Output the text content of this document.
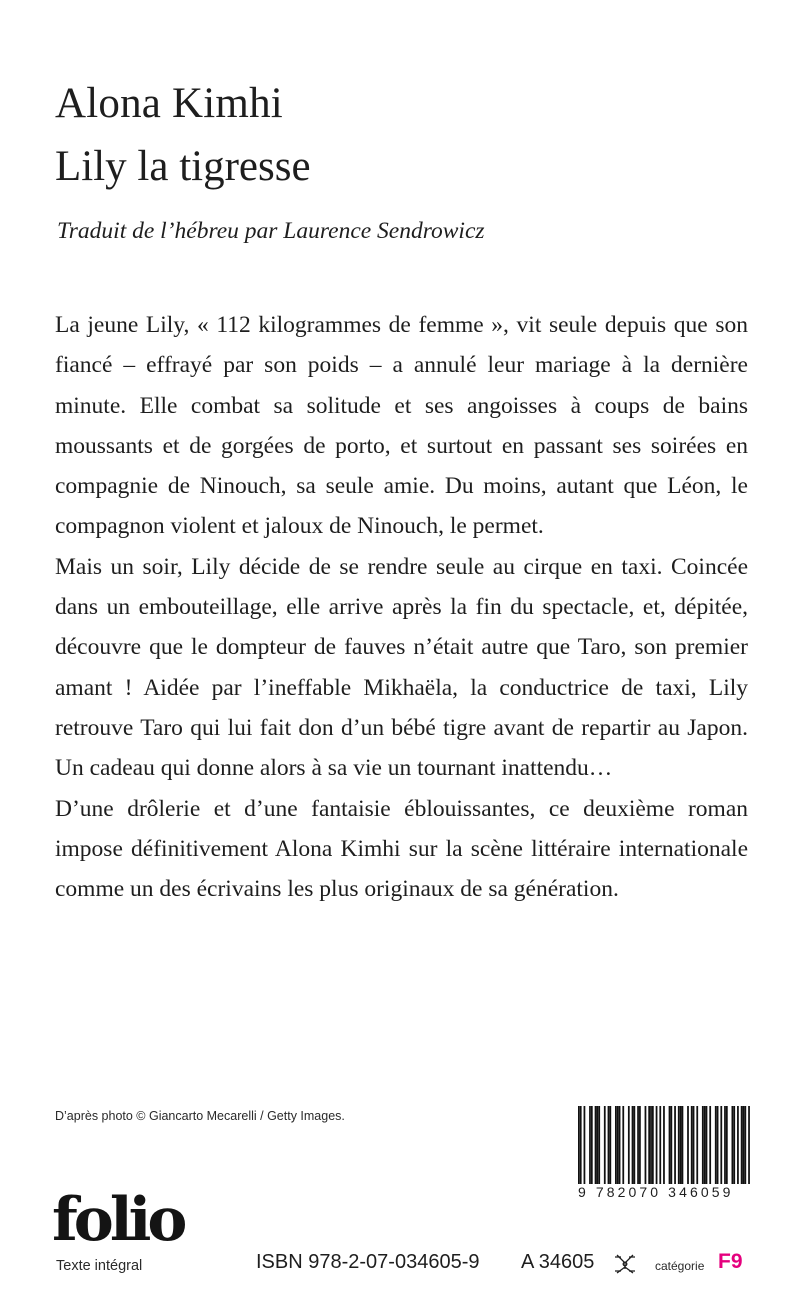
Alona Kimhi
Lily la tigresse

Traduit de l’hébreu par Laurence Sendrowicz

La jeune Lily, « 112 kilogrammes de femme », vit seule depuis que son fiancé – effrayé par son poids – a annulé leur mariage à la dernière minute. Elle combat sa solitude et ses angoisses à coups de bains moussants et de gorgées de porto, et surtout en passant ses soirées en compagnie de Ninouch, sa seule amie. Du moins, autant que Léon, le compagnon violent et jaloux de Ninouch, le permet.

Mais un soir, Lily décide de se rendre seule au cirque en taxi. Coincée dans un embouteillage, elle arrive après la fin du spectacle, et, dépitée, découvre que le dompteur de fauves n’était autre que Taro, son premier amant ! Aidée par l’ineffable Mikhaëla, la conductrice de taxi, Lily retrouve Taro qui lui fait don d’un bébé tigre avant de repartir au Japon. Un cadeau qui donne alors à sa vie un tournant inattendu…

D’une drôlerie et d’une fantaisie éblouissantes, ce deuxième roman impose définitivement Alona Kimhi sur la scène littéraire internationale comme un des écrivains les plus originaux de sa génération.

D’après photo © Giancarto Mecarelli / Getty Images.
9 782070 346059
folio
Texte intégral	ISBN 978-2-07-034605-9 A 34605	catégorie F9
